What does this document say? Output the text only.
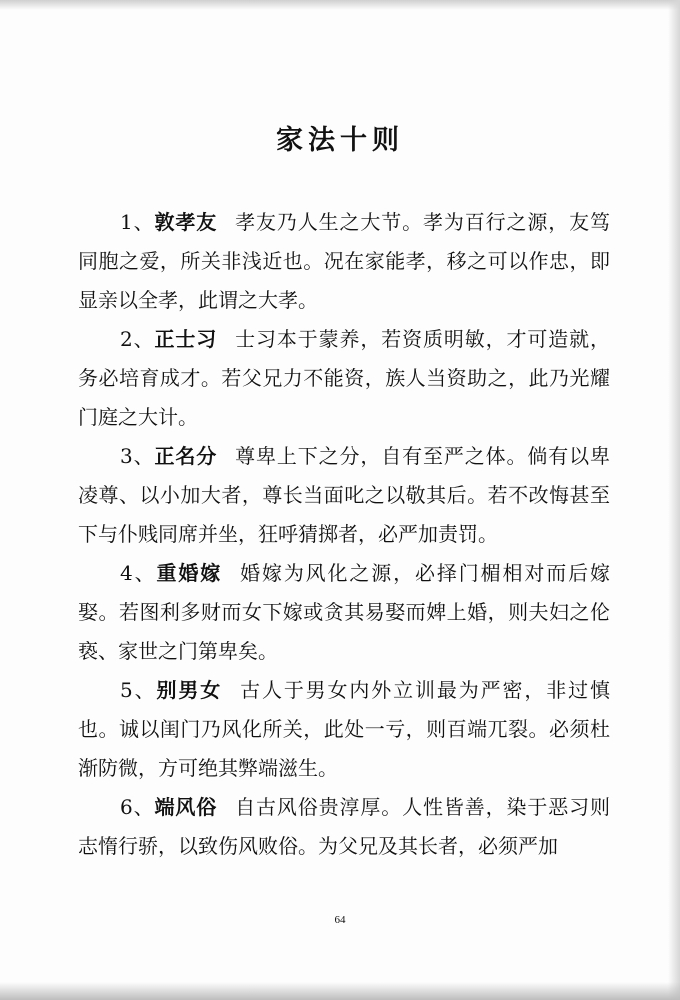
家法十则

1、敦孝友 孝友乃人生之大节。孝为百行之源，友笃同胞之爱，所关非浅近也。况在家能孝，移之可以作忠，即显亲以全孝，此谓之大孝。

2、正士习 士习本于蒙养，若资质明敏，才可造就，务必培育成才。若父兄力不能资，族人当资助之，此乃光耀门庭之大计。

3、正名分 尊卑上下之分，自有至严之体。倘有以卑凌尊、以小加大者，尊长当面叱之以敬其后。若不改悔甚至下与仆贱同席并坐，狂呼猜掷者，必严加责罚。

4、重婚嫁 婚嫁为风化之源，必择门楣相对而后嫁娶。若图利多财而女下嫁或贪其易娶而婢上婚，则夫妇之伦亵、家世之门第卑矣。

5、别男女 古人于男女内外立训最为严密，非过慎也。诚以闺门乃风化所关，此处一亏，则百端兀裂。必须杜渐防微，方可绝其弊端滋生。

6、端风俗 自古风俗贵淳厚。人性皆善，染于恶习则志惰行骄，以致伤风败俗。为父兄及其长者，必须严加

64
